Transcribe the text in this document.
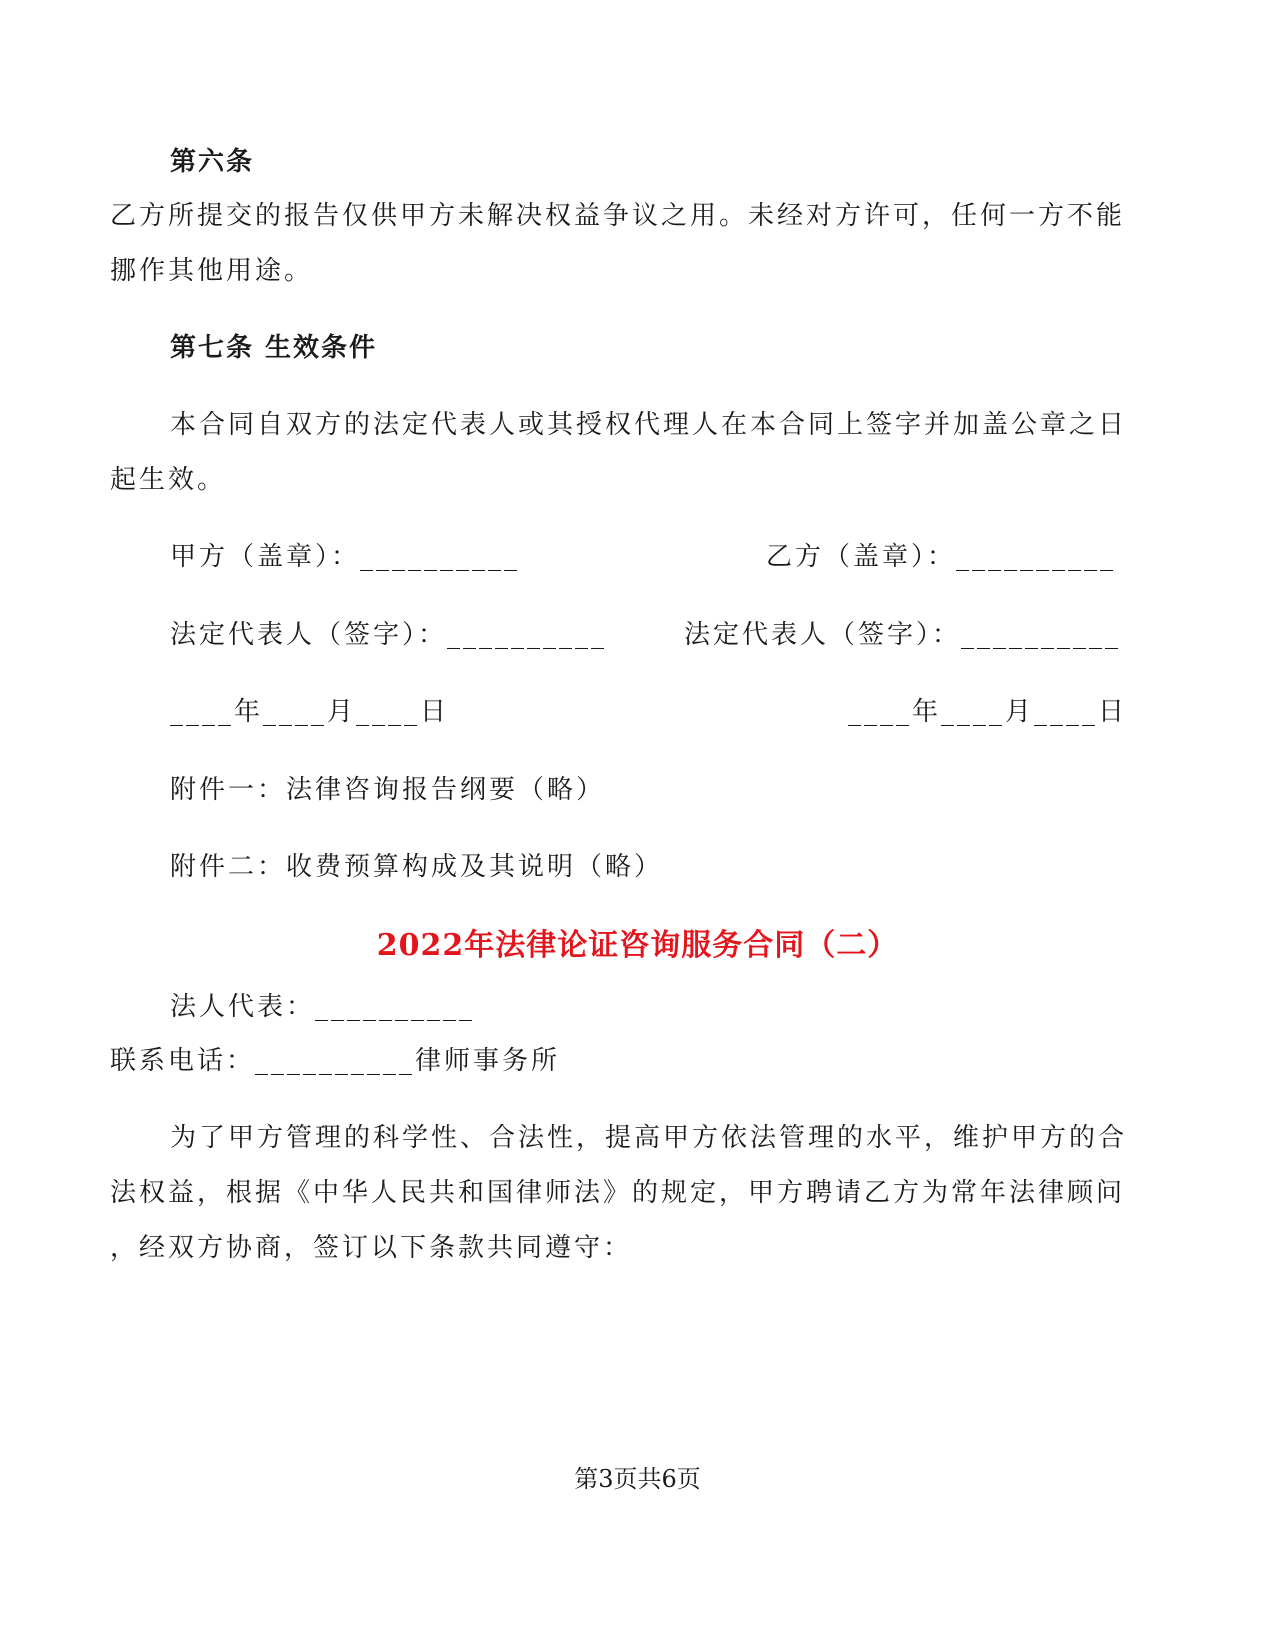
第六条
乙方所提交的报告仅供甲方未解决权益争议之用。未经对方许可，任何一方不能
挪作其他用途。
第七条 生效条件
本合同自双方的法定代表人或其授权代理人在本合同上签字并加盖公章之日
起生效。
甲方（盖章）：__________	乙方（盖章）：__________
法定代表人（签字）：__________	法定代表人（签字）：__________
____年____月____日	____年____月____日
附件一：法律咨询报告纲要（略）
附件二：收费预算构成及其说明（略）
2022年法律论证咨询服务合同（二）
法人代表：__________
联系电话：__________律师事务所
为了甲方管理的科学性、合法性，提高甲方依法管理的水平，维护甲方的合
法权益，根据《中华人民共和国律师法》的规定，甲方聘请乙方为常年法律顾问
，经双方协商，签订以下条款共同遵守：
第3页共6页
